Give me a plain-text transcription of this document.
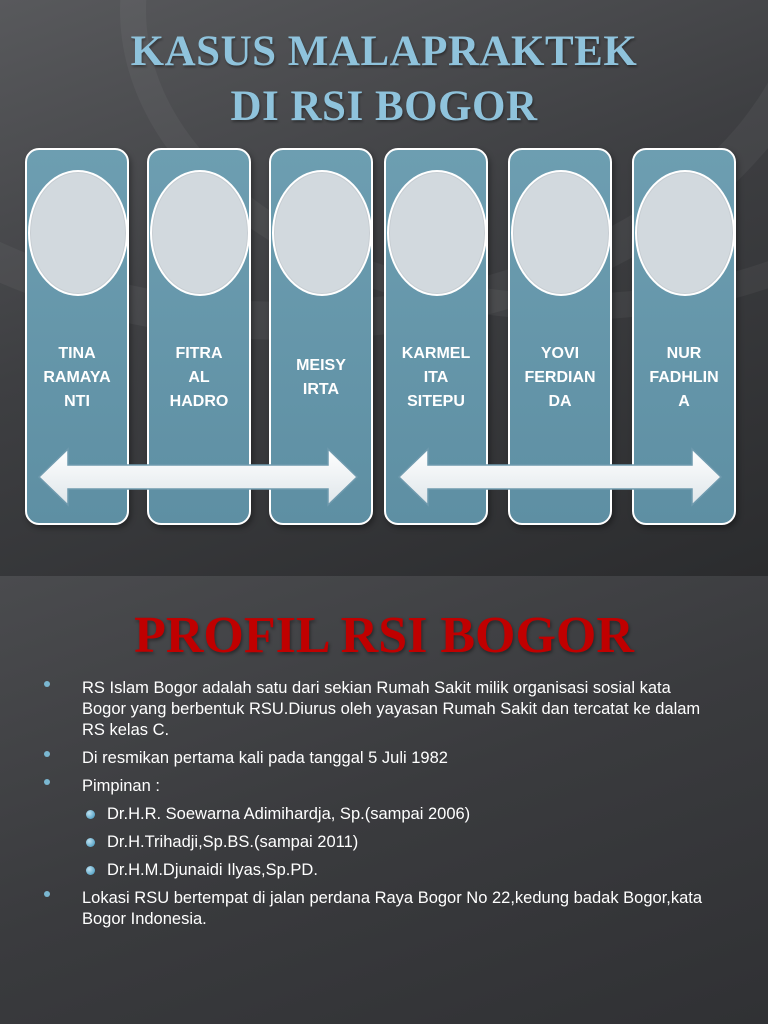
KASUS MALAPRAKTEK
DI RSI BOGOR
TINA
RAMAYA
NTI
FITRA
AL
HADRO
MEISY
IRTA
KARMEL
ITA
SITEPU
YOVI
FERDIAN
DA
NUR
FADHLIN
A
PROFIL RSI BOGOR
RS Islam Bogor adalah satu dari sekian Rumah Sakit milik organisasi sosial kata Bogor yang berbentuk RSU.Diurus oleh yayasan Rumah Sakit dan tercatat ke dalam RS kelas C.
Di resmikan pertama kali pada tanggal 5 Juli 1982
Pimpinan :
Dr.H.R. Soewarna Adimihardja, Sp.(sampai 2006)
Dr.H.Trihadji,Sp.BS.(sampai 2011)
Dr.H.M.Djunaidi Ilyas,Sp.PD.
Lokasi RSU bertempat di jalan perdana Raya Bogor No 22,kedung badak Bogor,kata Bogor Indonesia.
